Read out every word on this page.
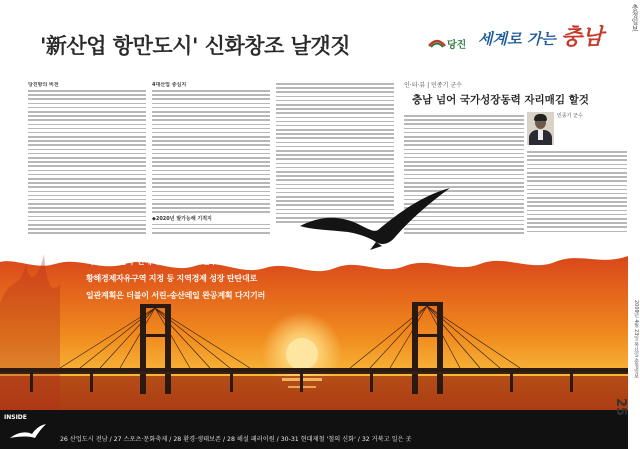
충청일보
'新산업 항만도시' 신화창조 날갯짓	당진 세계로 가는 충남
당진항의 비전	4대산업 중심지
◆2020년 발가능해 기적지
인·터·뷰 | 민종기 군수
충남 넘어 국가성장동력 자리매김 할것
민종기 군수
서해대교 한국·현대제철 한보철강 인수 등 잇단 호재
황해경제자유구역 지정 등 지역경제 성장 탄탄대로
일관계획은 더블이 서린-송산레일 완공계획 다지기러
INSIDE
26 산업도시 전남 / 27 스포츠·문화축제 / 28 환경·생태보존 / 28 해설 패러이원 / 30-31 현대제철 '철의 신화' / 32 거북고 일은 곳
2009년 4월 23일 목요일 충청일보
25
